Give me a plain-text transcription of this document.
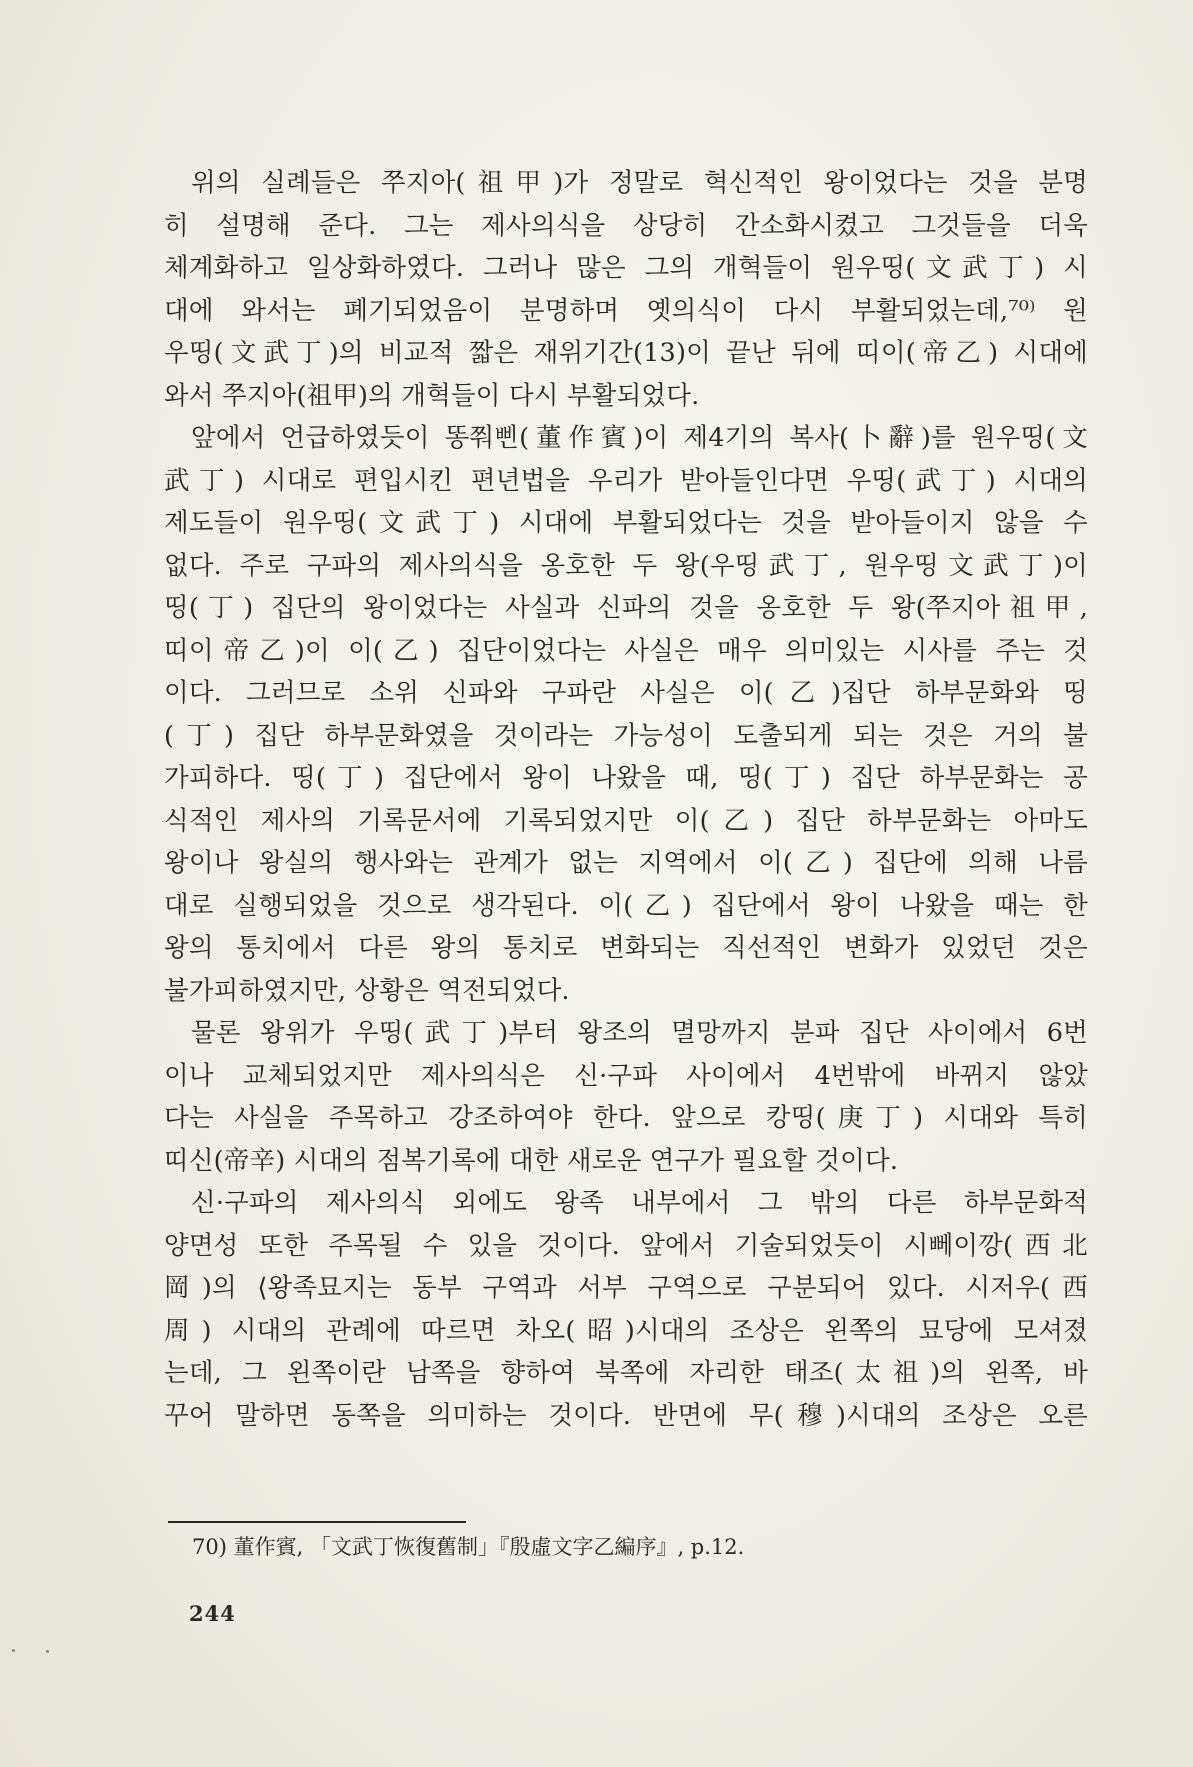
위의 실례들은 쭈지아(祖甲)가 정말로 혁신적인 왕이었다는 것을 분명
히 설명해 준다. 그는 제사의식을 상당히 간소화시켰고 그것들을 더욱
체계화하고 일상화하였다. 그러나 많은 그의 개혁들이 원우띵(文武丁) 시
대에 와서는 폐기되었음이 분명하며 옛의식이 다시 부활되었는데,⁷⁰⁾ 원
우띵(文武丁)의 비교적 짧은 재위기간(13)이 끝난 뒤에 띠이(帝乙) 시대에
와서 쭈지아(祖甲)의 개혁들이 다시 부활되었다.
앞에서 언급하였듯이 똥쭤삔(董作賓)이 제4기의 복사(卜辭)를 원우띵(文
武丁) 시대로 편입시킨 편년법을 우리가 받아들인다면 우띵(武丁) 시대의
제도들이 원우띵(文武丁) 시대에 부활되었다는 것을 받아들이지 않을 수
없다. 주로 구파의 제사의식을 옹호한 두 왕(우띵武丁, 원우띵文武丁)이
띵(丁) 집단의 왕이었다는 사실과 신파의 것을 옹호한 두 왕(쭈지아祖甲,
띠이帝乙)이 이(乙) 집단이었다는 사실은 매우 의미있는 시사를 주는 것
이다. 그러므로 소위 신파와 구파란 사실은 이(乙)집단 하부문화와 띵
(丁) 집단 하부문화였을 것이라는 가능성이 도출되게 되는 것은 거의 불
가피하다. 띵(丁) 집단에서 왕이 나왔을 때, 띵(丁) 집단 하부문화는 공
식적인 제사의 기록문서에 기록되었지만 이(乙) 집단 하부문화는 아마도
왕이나 왕실의 행사와는 관계가 없는 지역에서 이(乙) 집단에 의해 나름
대로 실행되었을 것으로 생각된다. 이(乙) 집단에서 왕이 나왔을 때는 한
왕의 통치에서 다른 왕의 통치로 변화되는 직선적인 변화가 있었던 것은
불가피하였지만, 상황은 역전되었다.
물론 왕위가 우띵(武丁)부터 왕조의 멸망까지 분파 집단 사이에서 6번
이나 교체되었지만 제사의식은 신·구파 사이에서 4번밖에 바뀌지 않았
다는 사실을 주목하고 강조하여야 한다. 앞으로 캉띵(庚丁) 시대와 특히
띠신(帝辛) 시대의 점복기록에 대한 새로운 연구가 필요할 것이다.
신·구파의 제사의식 외에도 왕족 내부에서 그 밖의 다른 하부문화적
양면성 또한 주목될 수 있을 것이다. 앞에서 기술되었듯이 시뻬이깡(西北
岡)의 ⟨왕족묘지는 동부 구역과 서부 구역으로 구분되어 있다. 시저우(西
周) 시대의 관례에 따르면 차오(昭)시대의 조상은 왼쪽의 묘당에 모셔졌
는데, 그 왼쪽이란 남쪽을 향하여 북쪽에 자리한 태조(太祖)의 왼쪽, 바
꾸어 말하면 동쪽을 의미하는 것이다. 반면에 무(穆)시대의 조상은 오른
70) 董作賓, 「文武丁恢復舊制」『殷虛文字乙編序』, p.12.
244
